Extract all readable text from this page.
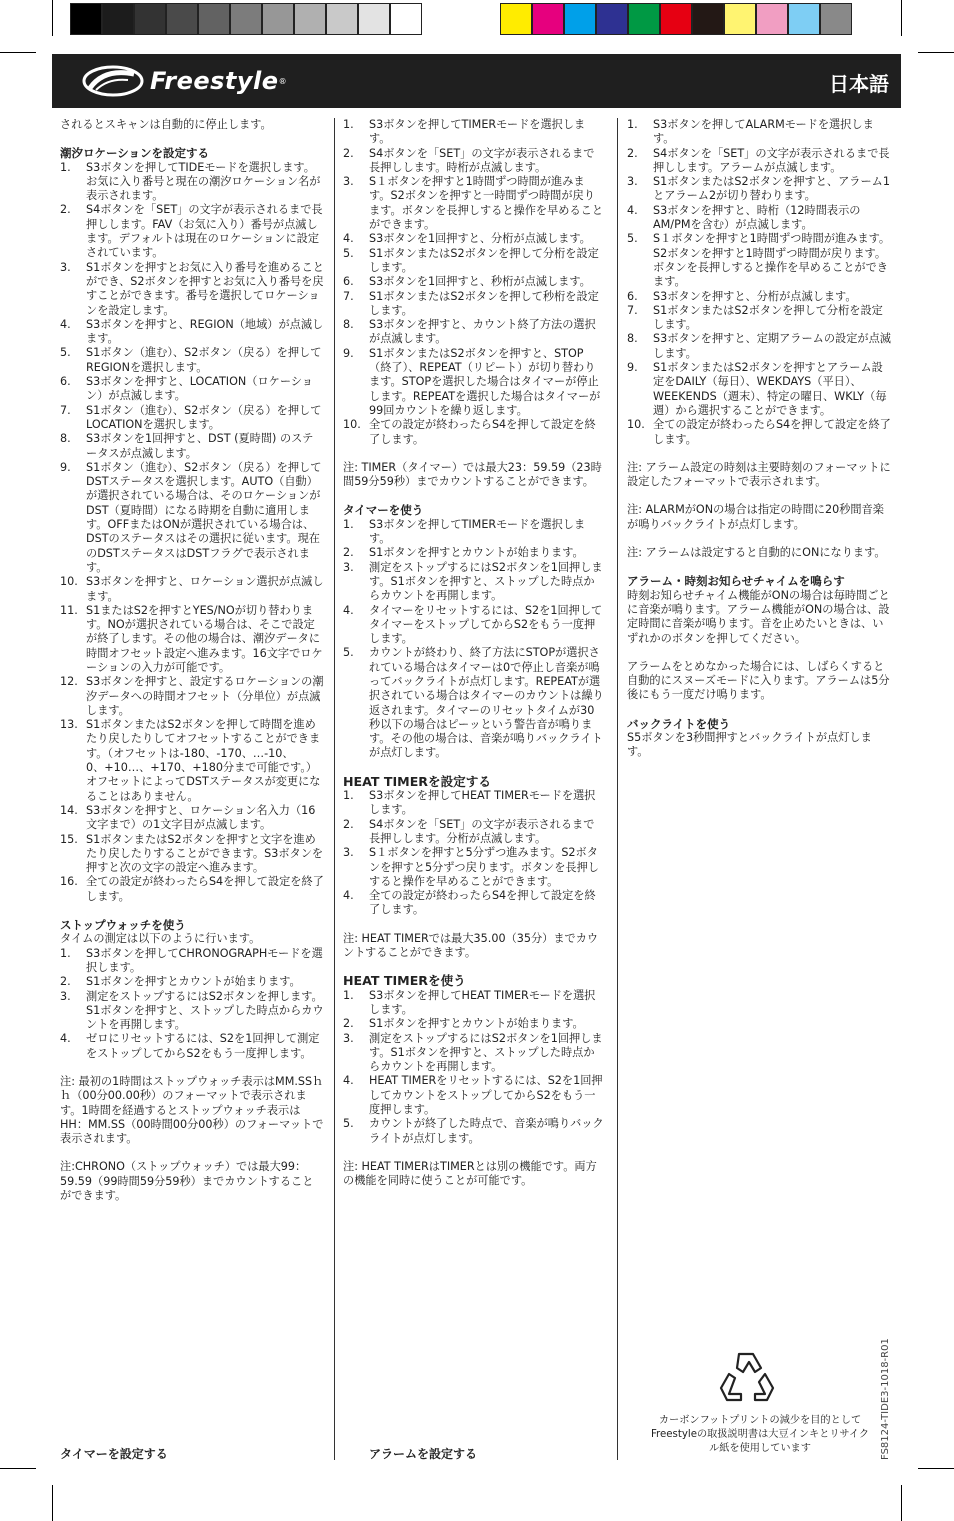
Freestyle ®	日本語

されるとスキャンは自動的に停止します。

潮汐ロケーションを設定する

1. S3ボタンを押してTIDEモードを選択します。お気に入り番号と現在の潮汐ロケーション名が表示されます。
2. S4ボタンを「SET」の文字が表示されるまで長押しします。FAV（お気に入り）番号が点滅します。デフォルトは現在のロケーションに設定されています。
3. S1ボタンを押すとお気に入り番号を進めることができ、S2ボタンを押すとお気に入り番号を戻すことができます。番号を選択してロケーションを設定します。
4. S3ボタンを押すと、REGION（地域）が点滅します。
5. S1ボタン（進む）、S2ボタン（戻る）を押してREGIONを選択します。
6. S3ボタンを押すと、LOCATION（ロケーション）が点滅します。
7. S1ボタン（進む）、S2ボタン（戻る）を押してLOCATIONを選択します。
8. S3ボタンを1回押すと、DST (夏時間) のステータスが点滅します。
9. S1ボタン（進む）、S2ボタン（戻る）を押してDSTステータスを選択します。AUTO（自動）が選択されている場合は、そのロケーションがDST（夏時間）になる時期を自動に適用します。OFFまたはONが選択されている場合は、DSTのステータスはその選択に従います。現在のDSTステータスはDSTフラグで表示されます。
10. S3ボタンを押すと、ロケーション選択が点滅します。
11. S1またはS2を押すとYES/NOが切り替わります。NOが選択されている場合は、そこで設定が終了します。その他の場合は、潮汐データに時間オフセット設定へ進みます。16文字でロケーションの入力が可能です。
12. S3ボタンを押すと、設定するロケーションの潮汐データへの時間オフセット（分単位）が点滅します。
13. S1ボタンまたはS2ボタンを押して時間を進めたり戻したりしてオフセットすることができます。（オフセットは-180、-170、…-10、0、+10…、+170、+180分まで可能です。）オフセットによってDSTステータスが変更になることはありません。
14. S3ボタンを押すと、ロケーション名入力（16文字まで）の1文字目が点滅します。
15. S1ボタンまたはS2ボタンを押すと文字を進めたり戻したりすることができます。S3ボタンを押すと次の文字の設定へ進みます。
16. 全ての設定が終わったらS4を押して設定を終了します。

ストップウォッチを使う

タイムの測定は以下のように行います。

1. S3ボタンを押してCHRONOGRAPHモードを選択します。
2. S1ボタンを押すとカウントが始まります。
3. 測定をストップするにはS2ボタンを押します。S1ボタンを押すと、ストップした時点からカウントを再開します。
4. ゼロにリセットするには、S2を1回押して測定をストップしてからS2をもう一度押します。

注: 最初の1時間はストップウォッチ表示はMM.SSｈｈ（00分00.00秒）のフォーマットで表示されます。1時間を経過するとストップウォッチ表示はHH：MM.SS（00時間00分00秒）のフォーマットで表示されます。

注:CHRONO（ストップウォッチ）では最大99：59.59（99時間59分59秒）までカウントすることができます。

タイマーを設定する
1. S3ボタンを押してTIMERモードを選択します。
2. S4ボタンを「SET」の文字が表示されるまで長押しします。時桁が点滅します。
3. S１ボタンを押すと1時間ずつ時間が進みます。S2ボタンを押すと一時間ずつ時間が戻ります。ボタンを長押しすると操作を早めることができます。
4. S3ボタンを1回押すと、分桁が点滅します。
5. S1ボタンまたはS2ボタンを押して分桁を設定します。
6. S3ボタンを1回押すと、秒桁が点滅します。
7. S1ボタンまたはS2ボタンを押して秒桁を設定します。
8. S3ボタンを押すと、カウント終了方法の選択が点滅します。
9. S1ボタンまたはS2ボタンを押すと、STOP（終了）、REPEAT（リピート）が切り替わります。STOPを選択した場合はタイマーが停止します。REPEATを選択した場合はタイマーが99回カウントを繰り返します。
10. 全ての設定が終わったらS4を押して設定を終了します。

注: TIMER（タイマー）では最大23：59.59（23時間59分59秒）までカウントすることができます。

タイマーを使う

1. S3ボタンを押してTIMERモードを選択します。
2. S1ボタンを押すとカウントが始まります。
3. 測定をストップするにはS2ボタンを1回押します。S1ボタンを押すと、ストップした時点からカウントを再開します。
4. タイマーをリセットするには、S2を1回押してタイマーをストップしてからS2をもう一度押します。
5. カウントが終わり、終了方法にSTOPが選択されている場合はタイマーは0で停止し音楽が鳴ってバックライトが点灯します。REPEATが選択されている場合はタイマーのカウントは繰り返されます。タイマーのリセットタイムが30秒以下の場合はピーッという警告音が鳴ります。その他の場合は、音楽が鳴りバックライトが点灯します。

HEAT TIMERを設定する

1. S3ボタンを押してHEAT TIMERモードを選択します。
2. S4ボタンを「SET」の文字が表示されるまで長押しします。分桁が点滅します。
3. S１ボタンを押すと5分ずつ進みます。S2ボタンを押すと5分ずつ戻ります。ボタンを長押しすると操作を早めることができます。
4. 全ての設定が終わったらS4を押して設定を終了します。

注: HEAT TIMERでは最大35.00（35分）までカウントすることができます。

HEAT TIMERを使う

1. S3ボタンを押してHEAT TIMERモードを選択します。
2. S1ボタンを押すとカウントが始まります。
3. 測定をストップするにはS2ボタンを1回押します。S1ボタンを押すと、ストップした時点からカウントを再開します。
4. HEAT TIMERをリセットするには、S2を1回押してカウントをストップしてからS2をもう一度押します。
5. カウントが終了した時点で、音楽が鳴りバックライトが点灯します。

注: HEAT TIMERはTIMERとは別の機能です。両方の機能を同時に使うことが可能です。

アラームを設定する
1. S3ボタンを押してALARMモードを選択します。
2. S4ボタンを「SET」の文字が表示されるまで長押しします。アラームが点滅します。
3. S1ボタンまたはS2ボタンを押すと、アラーム1とアラーム2が切り替わります。
4. S3ボタンを押すと、時桁（12時間表示のAM/PMを含む）が点滅します。
5. S１ボタンを押すと1時間ずつ時間が進みます。S2ボタンを押すと1時間ずつ時間が戻ります。ボタンを長押しすると操作を早めることができます。
6. S3ボタンを押すと、分桁が点滅します。
7. S1ボタンまたはS2ボタンを押して分桁を設定します。
8. S3ボタンを押すと、定期アラームの設定が点滅します。
9. S1ボタンまたはS2ボタンを押すとアラーム設定をDAILY（毎日）、WEKDAYS（平日）、WEEKENDS（週末）、特定の曜日、WKLY（毎週）から選択することができます。
10. 全ての設定が終わったらS4を押して設定を終了します。

注: アラーム設定の時刻は主要時刻のフォーマットに設定したフォーマットで表示されます。

注: ALARMがONの場合は指定の時間に20秒間音楽が鳴りバックライトが点灯します。

注: アラームは設定すると自動的にONになります。

アラーム・時刻お知らせチャイムを鳴らす

時刻お知らせチャイム機能がONの場合は毎時間ごとに音楽が鳴ります。アラーム機能がONの場合は、設定時間に音楽が鳴ります。音を止めたいときは、いずれかのボタンを押してください。

アラームをとめなかった場合には、しばらくすると自動的にスヌーズモードに入ります。アラームは5分後にもう一度だけ鳴ります。

バックライトを使う

S5ボタンを3秒間押すとバックライトが点灯します。

カーボンフットプリントの減少を目的としてFreestyleの取扱説明書は大豆インキとリサイクル紙を使用しています	FS8124-TIDE3-1018-R01
